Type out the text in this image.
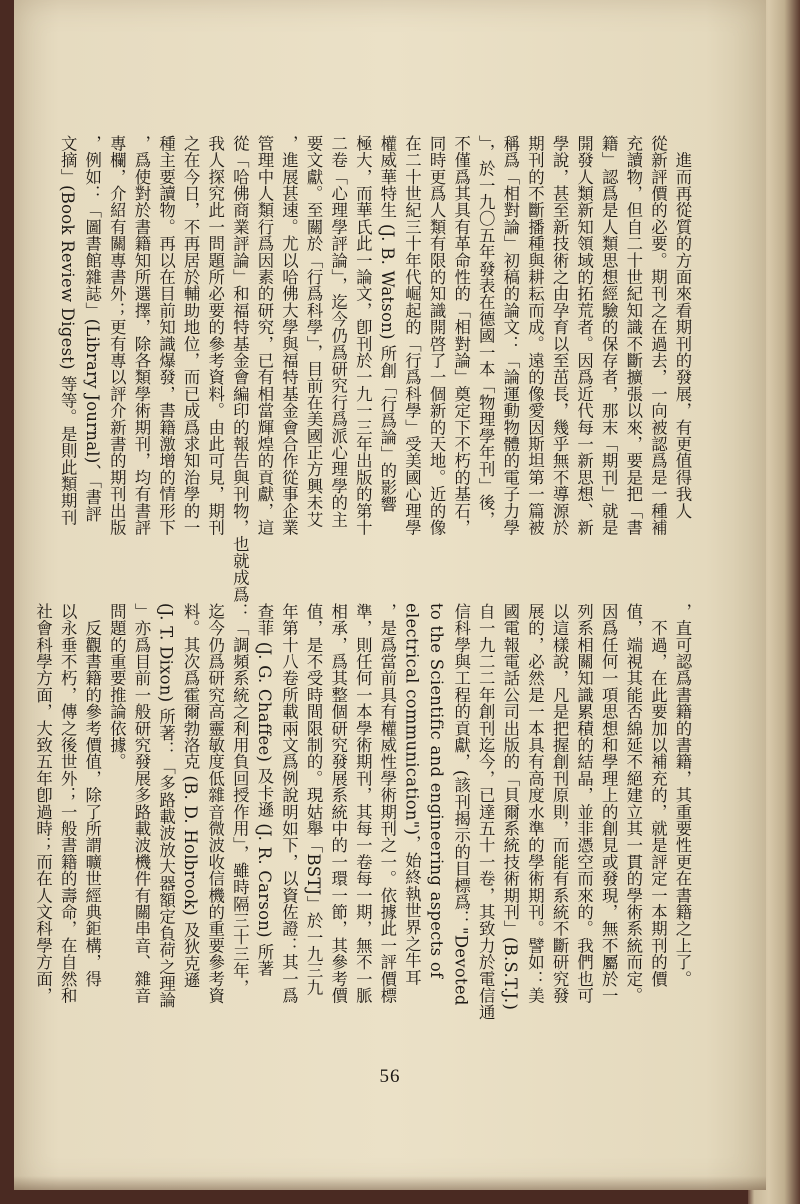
　進而再從質的方面來看期刊的發展，有更值得我人
從新評價的必要。期刊之在過去，一向被認爲是一種補
充讀物，但自二十世紀知識不斷擴張以來，要是把「書
籍」認爲是人類思想經驗的保存者，那末「期刊」就是
開發人類新知領域的拓荒者。因爲近代每一新思想、新
學說，甚至新技術之由孕育以至茁長，幾乎無不導源於
期刊的不斷播種與耕耘而成。遠的像愛因斯坦第一篇被
稱爲「相對論」初稿的論文：「論運動物體的電子力學
」，於一九〇五年發表在德國一本「物理學年刊」後，
不僅爲其具有革命性的「相對論」奠定下不朽的基石，
同時更爲人類有限的知識開啓了一個新的天地。近的像
在二十世紀三十年代崛起的「行爲科學」受美國心理學
權威華特生 (J. B. Watson) 所創「行爲論」的影響
極大，而華氏此一論文，卽刊於一九一三年出版的第十
二卷「心理學評論」，迄今仍爲研究行爲派心理學的主
要文獻。至關於「行爲科學」，目前在美國正方興未艾
，進展甚速。尤以哈佛大學與福特基金會合作從事企業
管理中人類行爲因素的研究，已有相當輝煌的貢獻，這
從「哈佛商業評論」和福特基金會編印的報告與刊物，也就成爲
我人探究此一問題所必要的參考資料。由此可見，期刊
之在今日，不再居於輔助地位，而已成爲求知治學的一
種主要讀物。再以在目前知識爆發，書籍激增的情形下
，爲使對於書籍知所選擇，除各類學術期刊，均有書評
專欄，介紹有關專書外；更有專以評介新書的期刊出版
，例如：「圖書館雜誌」(Library Journal)、「書評
文摘」(Book Review Digest) 等等。是則此類期刊
，直可認爲書籍的書籍，其重要性更在書籍之上了。
　不過，在此要加以補充的，就是評定一本期刊的價
值，端視其能否綿延不絕建立其一貫的學術系統而定。
因爲任何一項思想和學理上的創見或發現，無不屬於一
列系相關知識累積的結晶，並非憑空而來的。我們也可
以這樣說，凡是把握創刊原則，而能有系統不斷研究發
展的，必然是一本具有高度水準的學術期刊。譬如：美
國電報電話公司出版的「貝爾系統技術期刊」(B.S.T.J.)
自一九二二年創刊迄今，已達五十一卷，其致力於電信通
信科學與工程的貢獻，(該刊揭示的目標爲："Devoted
to the Scientific and engineering aspects of
electrical communication")，始終執世界之牛耳
，是爲當前具有權威性學術期刊之一。依據此一評價標
準，則任何一本學術期刊，其每一卷每一期，無不一脈
相承，爲其整個研究發展系統中的一環一節，其參考價
值，是不受時間限制的。現姑舉「BSTJ」於一九三九
年第十八卷所載兩文爲例說明如下，以資佐證：其一爲
查菲 (J. G. Chaffee) 及卡遜 (J. R. Carson) 所著
：「調頻系統之利用負回授作用」，雖時隔三十三年，
迄今仍爲研究高靈敏度低雜音微波收信機的重要參考資
料。其次爲霍爾勃洛克 (B. D. Holbrook) 及狄克遜
(J. T. Dixon) 所著：「多路載波放大器額定負荷之理論
」亦爲目前一般研究發展多路載波機件有關串音、雜音
問題的重要推論依據。
　反觀書籍的參考價值，除了所謂曠世經典鉅構，得
以永垂不朽，傳之後世外；一般書籍的壽命，在自然和
社會科學方面，大致五年卽過時；而在人文科學方面，
56
